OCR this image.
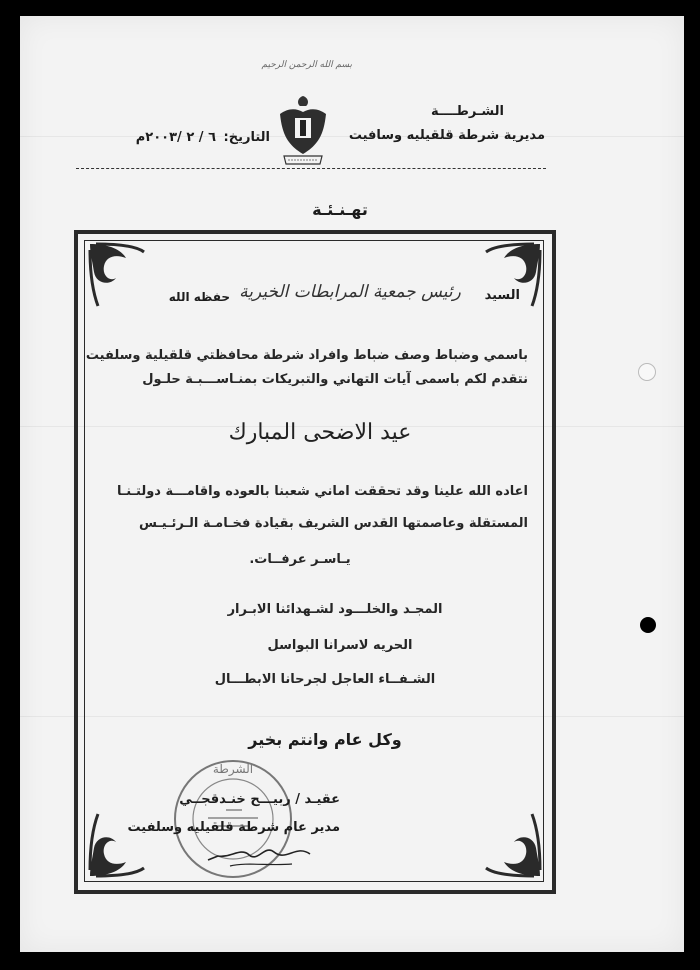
بسم الله الرحمن الرحيم
الشـرطــــة
مديرية شرطة قلقيليه وسافيت
التاريخ:
٦ / ٢ /٢٠٠٣م
تهـنـئـة
السيد
رئيس جمعية المرابطات الخيرية
حفظه الله
باسمي وضباط وصف ضباط وافراد شرطة محافظتي قلقيلية وسلفيت
نتقدم لكم باسمى آيات التهاني والتبريكات بمنـاســـبـة حلـول
عيد الاضحى المبارك
اعاده الله علينا وقد تحققت اماني شعبنا بالعوده واقامـــة دولتـنـا
المستقلة وعاصمتها القدس الشريف بقيادة فخـامـة الـرئـيـس
يـاسـر عرفــات.
المجـد والخلـــود لشـهدائنا الابـرار
الحريه لاسرانا البواسل
الشـفــاء العاجل لجرحانا الابطـــال
وكل عام وانتم بخير
الشرطة
عقيـد / ربيـــح خنـدقجــي
مدير عام شرطة قلقيليه وسلفيت
